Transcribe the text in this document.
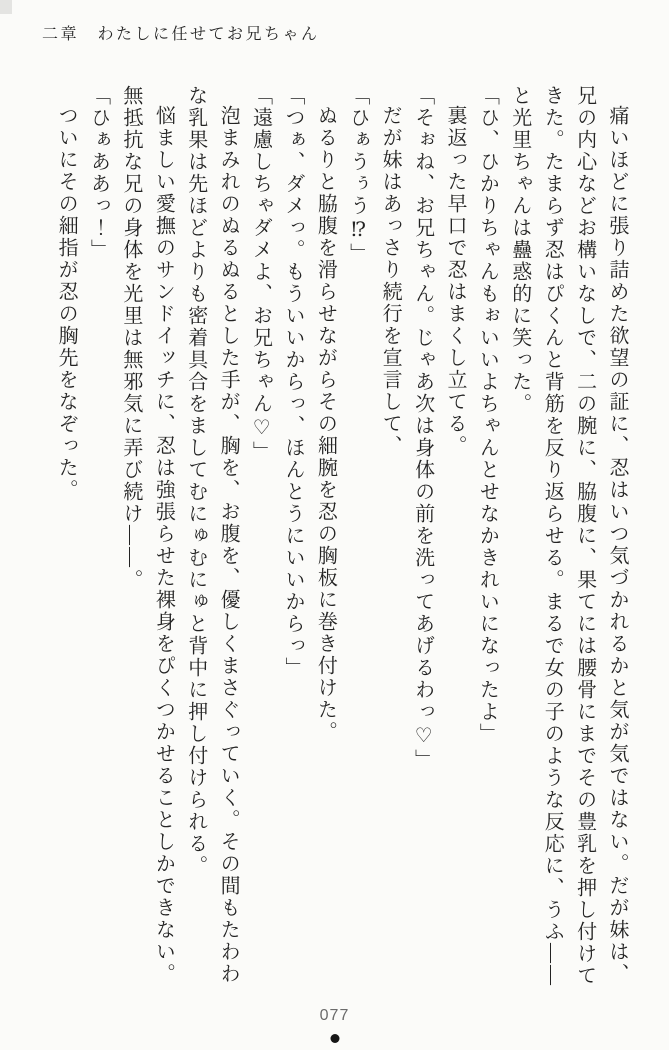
二章　わたしに任せてお兄ちゃん

痛いほどに張り詰めた欲望の証に、忍はいつ気づかれるかと気が気ではない。だが妹は、兄の内心などお構いなしで、二の腕に、脇腹に、果てには腰骨にまでその豊乳を押し付けてきた。たまらず忍はぴくんと背筋を反り返らせる。まるで女の子のような反応に、うふ——と光里ちゃんは蠱惑的に笑った。

「ひ、ひかりちゃんもぉいいよちゃんとせなかきれいになったよ」

裏返った早口で忍はまくし立てる。

「そぉね、お兄ちゃん。じゃあ次は身体の前を洗ってあげるわっ♡」

だが妹はあっさり続行を宣言して、

「ひぁうぅう⁉」

ぬるりと脇腹を滑らせながらその細腕を忍の胸板に巻き付けた。

「つぁ、ダメっ。もういいからっ、ほんとうにいいからっ」

「遠慮しちゃダメよ、お兄ちゃん♡」

泡まみれのぬるぬるとした手が、胸を、お腹を、優しくまさぐっていく。その間もたわわな乳果は先ほどよりも密着具合をましてむにゅむにゅと背中に押し付けられる。

悩ましい愛撫のサンドイッチに、忍は強張らせた裸身をぴくつかせることしかできない。

無抵抗な兄の身体を光里は無邪気に弄び続け——。

「ひぁああっ！」

ついにその細指が忍の胸先をなぞった。

077
